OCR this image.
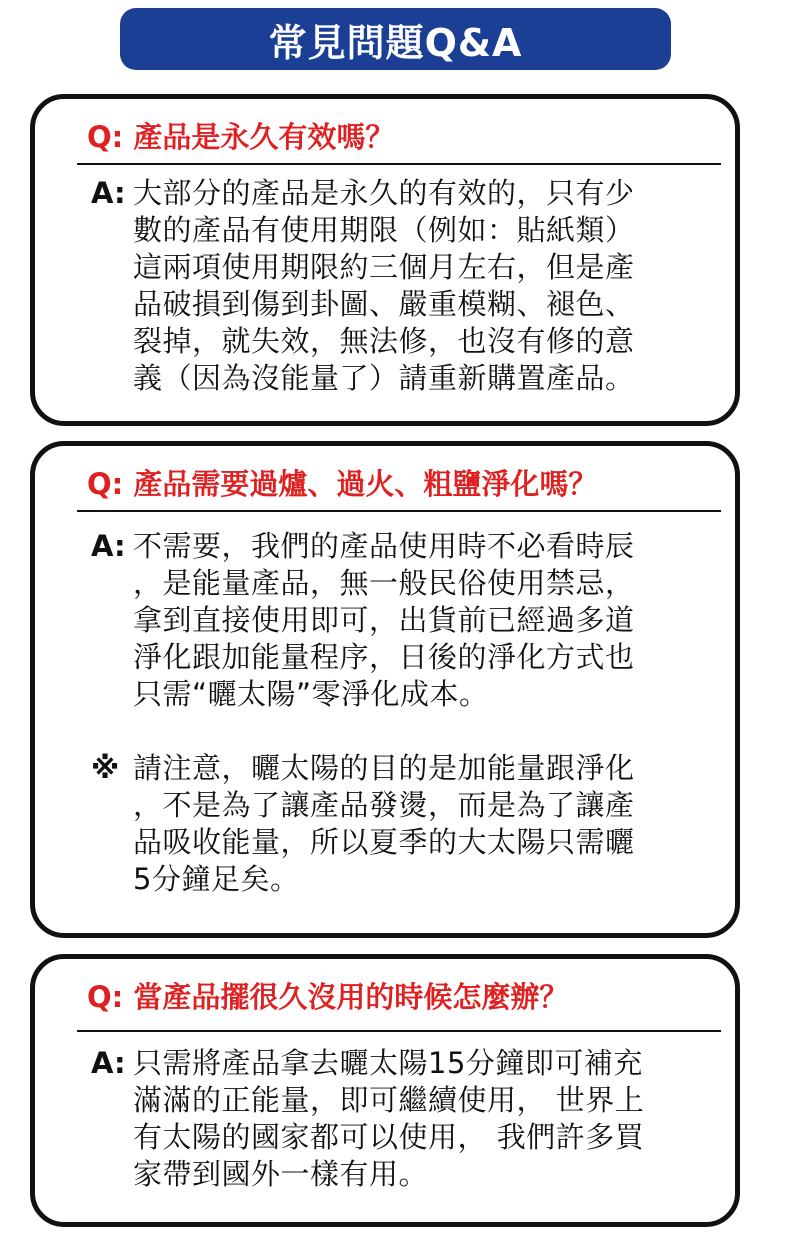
常見問題Q&A
Q: 產品是永久有效嗎？
A: 大部分的產品是永久的有效的，只有少
數的產品有使用期限（例如：貼紙類）
這兩項使用期限約三個月左右，但是產
品破損到傷到卦圖、嚴重模糊、褪色、
裂掉，就失效，無法修，也沒有修的意
義（因為沒能量了）請重新購置產品。
Q: 產品需要過爐、過火、粗鹽淨化嗎？
A: 不需要，我們的產品使用時不必看時辰
，是能量產品，無一般民俗使用禁忌，
拿到直接使用即可，出貨前已經過多道
淨化跟加能量程序，日後的淨化方式也
只需“曬太陽”零淨化成本。
※ 請注意，曬太陽的目的是加能量跟淨化
，不是為了讓產品發燙，而是為了讓產
品吸收能量，所以夏季的大太陽只需曬
5分鐘足矣。
Q: 當產品擺很久沒用的時候怎麼辦？
A: 只需將產品拿去曬太陽15分鐘即可補充
滿滿的正能量，即可繼續使用， 世界上
有太陽的國家都可以使用， 我們許多買
家帶到國外一樣有用。
